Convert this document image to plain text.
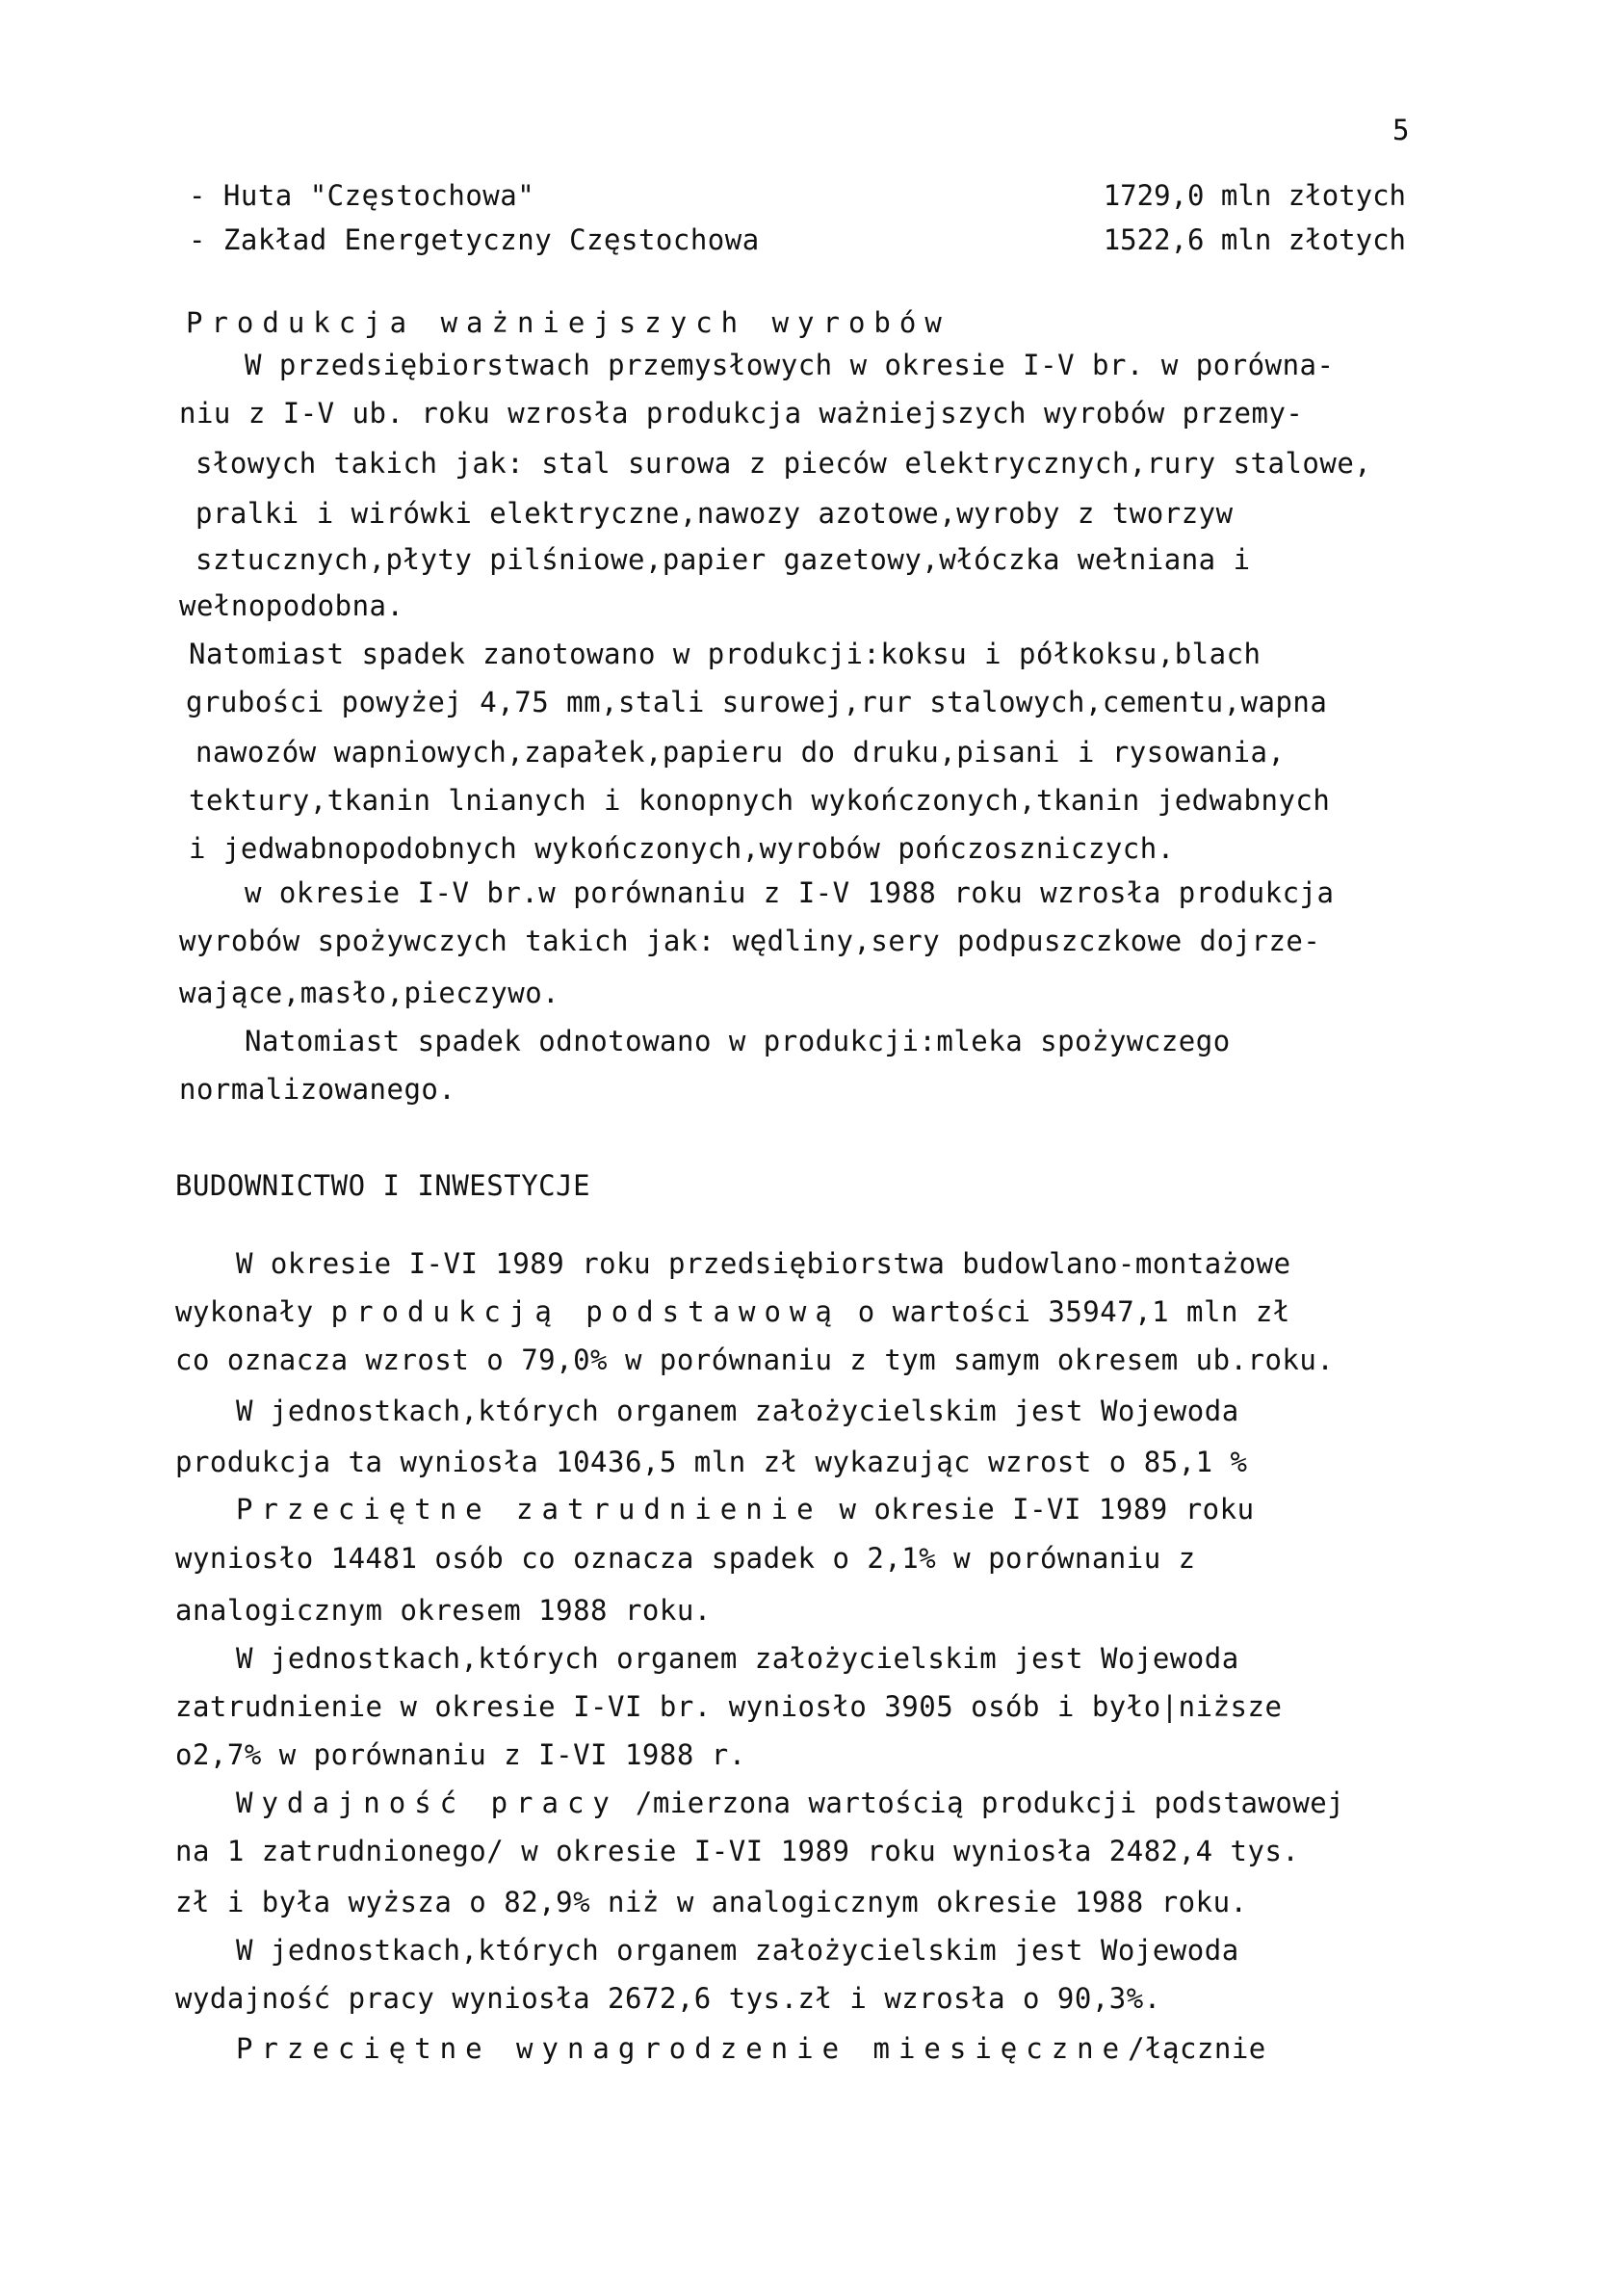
5
- Huta "Częstochowa"	1729,0 mln złotych
- Zakład Energetyczny Częstochowa	1522,6 mln złotych
Produkcja ważniejszych wyrobów
W przedsiębiorstwach przemysłowych w okresie I-V br. w porówna-
niu z I-V ub. roku wzrosła produkcja ważniejszych wyrobów przemy-
słowych takich jak: stal surowa z pieców elektrycznych,rury stalowe,
pralki i wirówki elektryczne,nawozy azotowe,wyroby z tworzyw
sztucznych,płyty pilśniowe,papier gazetowy,włóczka wełniana i
wełnopodobna.
Natomiast spadek zanotowano w produkcji:koksu i półkoksu,blach
grubości powyżej 4,75 mm,stali surowej,rur stalowych,cementu,wapna
nawozów wapniowych,zapałek,papieru do druku,pisani i rysowania,
tektury,tkanin lnianych i konopnych wykończonych,tkanin jedwabnych
i jedwabnopodobnych wykończonych,wyrobów pończoszniczych.
w okresie I-V br.w porównaniu z I-V 1988 roku wzrosła produkcja
wyrobów spożywczych takich jak: wędliny,sery podpuszczkowe dojrze-
wające,masło,pieczywo.
Natomiast spadek odnotowano w produkcji:mleka spożywczego
normalizowanego.
BUDOWNICTWO I INWESTYCJE
W okresie I-VI 1989 roku przedsiębiorstwa budowlano-montażowe
wykonały produkcją podstawową o wartości 35947,1 mln zł
co oznacza wzrost o 79,0% w porównaniu z tym samym okresem ub.roku.
W jednostkach,których organem założycielskim jest Wojewoda
produkcja ta wyniosła 10436,5 mln zł wykazując wzrost o 85,1 %
Przeciętne zatrudnienie w okresie I-VI 1989 roku
wyniosło 14481 osób co oznacza spadek o 2,1% w porównaniu z
analogicznym okresem 1988 roku.
W jednostkach,których organem założycielskim jest Wojewoda
zatrudnienie w okresie I-VI br. wyniosło 3905 osób i było|niższe
o2,7% w porównaniu z I-VI 1988 r.
Wydajność pracy /mierzona wartością produkcji podstawowej
na 1 zatrudnionego/ w okresie I-VI 1989 roku wyniosła 2482,4 tys.
zł i była wyższa o 82,9% niż w analogicznym okresie 1988 roku.
W jednostkach,których organem założycielskim jest Wojewoda
wydajność pracy wyniosła 2672,6 tys.zł i wzrosła o 90,3%.
Przeciętne wynagrodzenie miesięczne/łącznie
